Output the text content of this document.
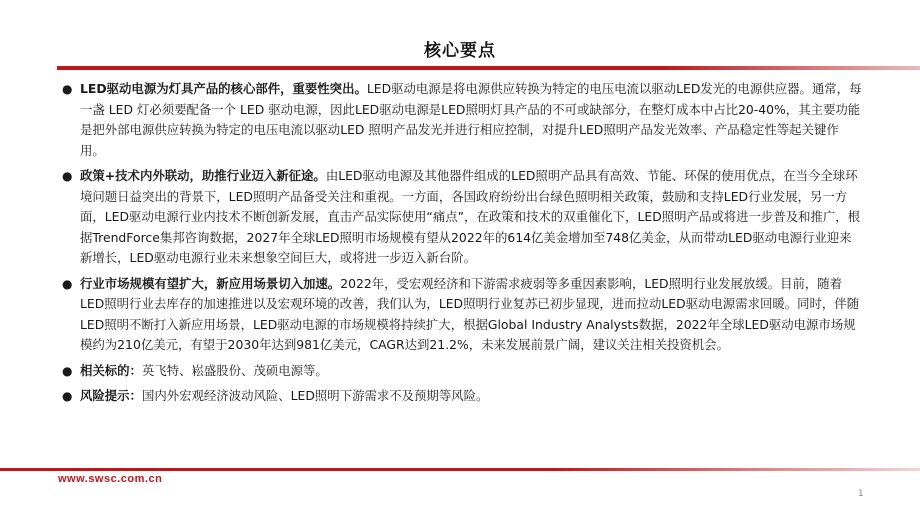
核心要点
● LED驱动电源为灯具产品的核心部件，重要性突出。LED驱动电源是将电源供应转换为特定的电压电流以驱动LED发光的电源供应器。通常，每一盏 LED 灯必须要配备一个 LED 驱动电源，因此LED驱动电源是LED照明灯具产品的不可或缺部分，在整灯成本中占比20-40%，其主要功能是把外部电源供应转换为特定的电压电流以驱动LED 照明产品发光并进行相应控制，对提升LED照明产品发光效率、产品稳定性等起关键作用。
● 政策+技术内外联动，助推行业迈入新征途。由LED驱动电源及其他器件组成的LED照明产品具有高效、节能、环保的使用优点，在当今全球环境问题日益突出的背景下，LED照明产品备受关注和重视。一方面，各国政府纷纷出台绿色照明相关政策，鼓励和支持LED行业发展，另一方面，LED驱动电源行业内技术不断创新发展，直击产品实际使用“痛点”，在政策和技术的双重催化下，LED照明产品或将进一步普及和推广，根据TrendForce集邦咨询数据，2027年全球LED照明市场规模有望从2022年的614亿美金增加至748亿美金，从而带动LED驱动电源行业迎来新增长，LED驱动电源行业未来想象空间巨大，或将进一步迈入新台阶。
● 行业市场规模有望扩大，新应用场景切入加速。2022年，受宏观经济和下游需求疲弱等多重因素影响，LED照明行业发展放缓。目前，随着LED照明行业去库存的加速推进以及宏观环境的改善，我们认为，LED照明行业复苏已初步显现，进而拉动LED驱动电源需求回暖。同时，伴随LED照明不断打入新应用场景，LED驱动电源的市场规模将持续扩大，根据Global Industry Analysts数据，2022年全球LED驱动电源市场规模约为210亿美元，有望于2030年达到981亿美元，CAGR达到21.2%，未来发展前景广阔，建议关注相关投资机会。
● 相关标的：英飞特、崧盛股份、茂硕电源等。
● 风险提示：国内外宏观经济波动风险、LED照明下游需求不及预期等风险。
www.swsc.com.cn
1
